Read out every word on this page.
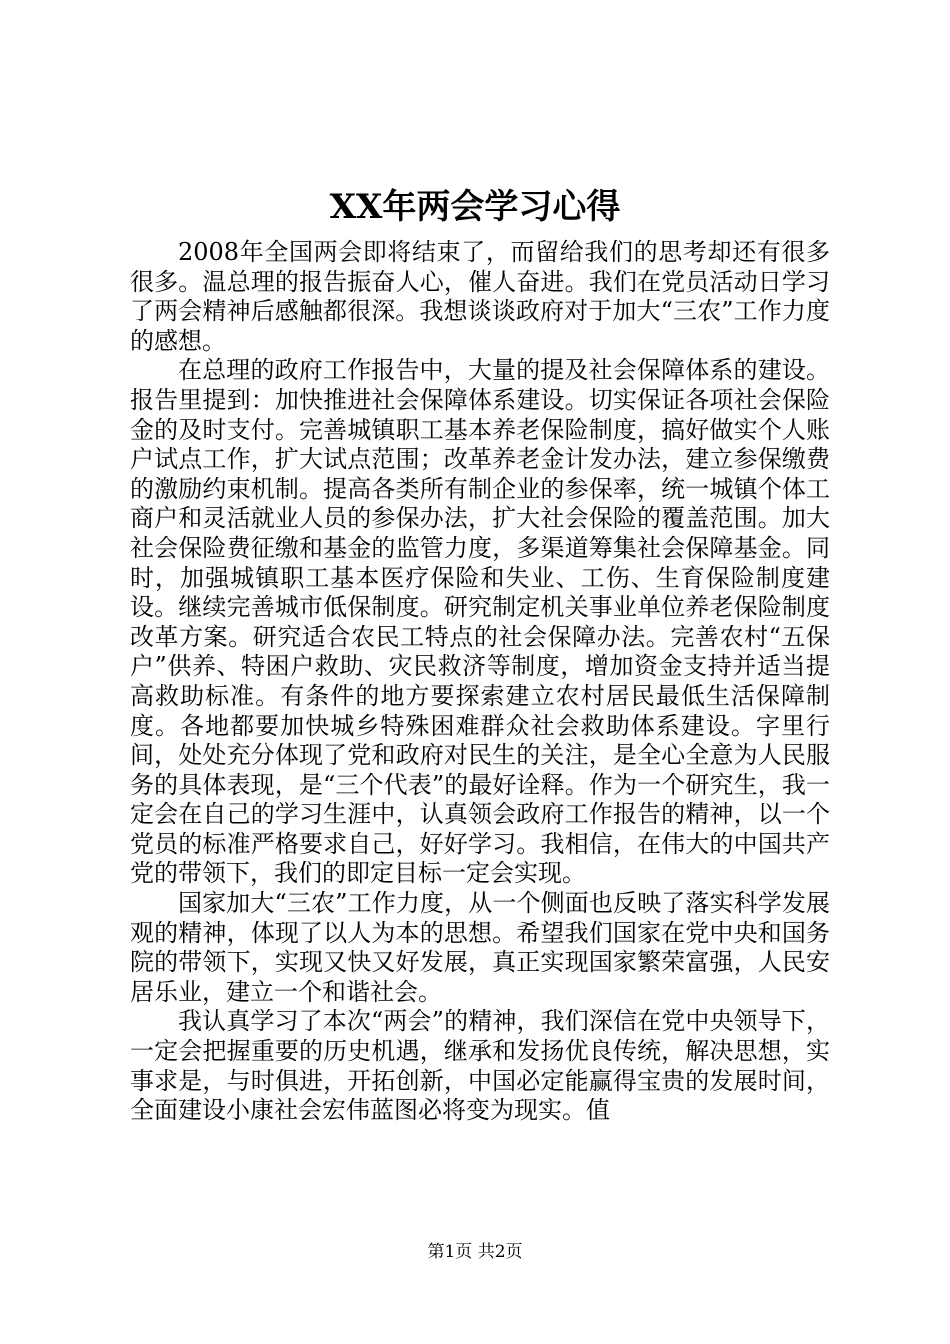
XX年两会学习心得

2008年全国两会即将结束了，而留给我们的思考却还有很多很多。温总理的报告振奋人心，催人奋进。我们在党员活动日学习了两会精神后感触都很深。我想谈谈政府对于加大“三农”工作力度的感想。

在总理的政府工作报告中，大量的提及社会保障体系的建设。报告里提到：加快推进社会保障体系建设。切实保证各项社会保险金的及时支付。完善城镇职工基本养老保险制度，搞好做实个人账户试点工作，扩大试点范围；改革养老金计发办法，建立参保缴费的激励约束机制。提高各类所有制企业的参保率，统一城镇个体工商户和灵活就业人员的参保办法，扩大社会保险的覆盖范围。加大社会保险费征缴和基金的监管力度，多渠道筹集社会保障基金。同时，加强城镇职工基本医疗保险和失业、工伤、生育保险制度建设。继续完善城市低保制度。研究制定机关事业单位养老保险制度改革方案。研究适合农民工特点的社会保障办法。完善农村“五保户”供养、特困户救助、灾民救济等制度，增加资金支持并适当提高救助标准。有条件的地方要探索建立农村居民最低生活保障制度。各地都要加快城乡特殊困难群众社会救助体系建设。字里行间，处处充分体现了党和政府对民生的关注，是全心全意为人民服务的具体表现，是“三个代表”的最好诠释。作为一个研究生，我一定会在自己的学习生涯中，认真领会政府工作报告的精神，以一个党员的标准严格要求自己，好好学习。我相信，在伟大的中国共产党的带领下，我们的即定目标一定会实现。

国家加大“三农”工作力度，从一个侧面也反映了落实科学发展观的精神，体现了以人为本的思想。希望我们国家在党中央和国务院的带领下，实现又快又好发展，真正实现国家繁荣富强，人民安居乐业，建立一个和谐社会。

我认真学习了本次“两会”的精神，我们深信在党中央领导下，一定会把握重要的历史机遇，继承和发扬优良传统，解决思想，实事求是，与时俱进，开拓创新，中国必定能赢得宝贵的发展时间，全面建设小康社会宏伟蓝图必将变为现实。值

第1页 共2页
